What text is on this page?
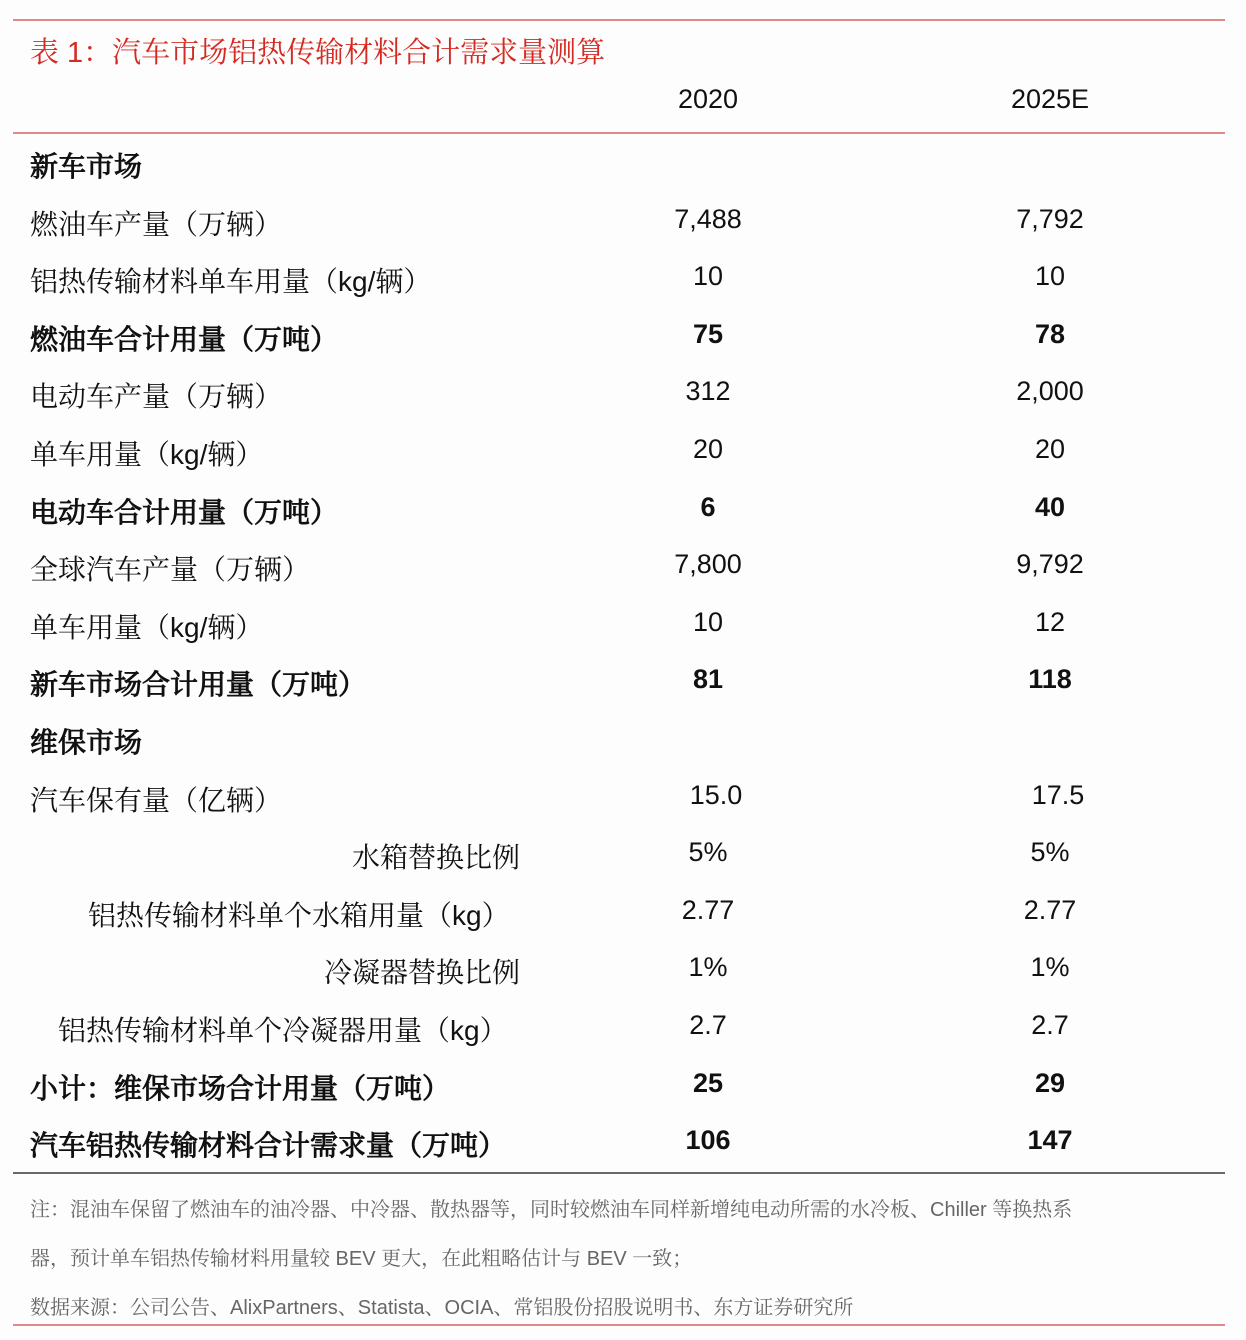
表 1：汽车市场铝热传输材料合计需求量测算
2020	2025E
新车市场
燃油车产量（万辆）	7,488	7,792
铝热传输材料单车用量（kg/辆）	10	10
燃油车合计用量（万吨）	75	78
电动车产量（万辆）	312	2,000
单车用量（kg/辆）	20	20
电动车合计用量（万吨）	6	40
全球汽车产量（万辆）	7,800	9,792
单车用量（kg/辆）	10	12
新车市场合计用量（万吨）	81	118
维保市场
汽车保有量（亿辆）	15.0	17.5
水箱替换比例	5%	5%
铝热传输材料单个水箱用量（kg）	2.77	2.77
冷凝器替换比例	1%	1%
铝热传输材料单个冷凝器用量（kg）	2.7	2.7
小计：维保市场合计用量（万吨）	25	29
汽车铝热传输材料合计需求量（万吨）	106	147

注：混油车保留了燃油车的油冷器、中冷器、散热器等，同时较燃油车同样新增纯电动所需的水冷板、Chiller 等换热系

器，预计单车铝热传输材料用量较 BEV 更大，在此粗略估计与 BEV 一致；

数据来源：公司公告、AlixPartners、Statista、OCIA、常铝股份招股说明书、东方证券研究所
